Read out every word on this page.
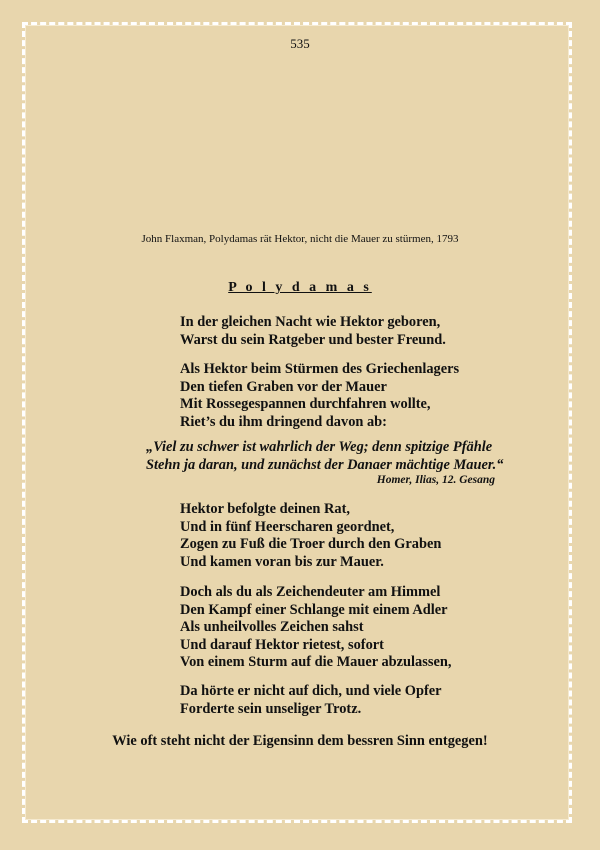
535
John Flaxman, Polydamas rät Hektor, nicht die Mauer zu stürmen, 1793
P o l y d a m a s
In der gleichen Nacht wie Hektor geboren,
Warst du sein Ratgeber und bester Freund.
Als Hektor beim Stürmen des Griechenlagers
Den tiefen Graben vor der Mauer
Mit Rossegespannen durchfahren wollte,
Riet’s du ihm dringend davon ab:
„Viel zu schwer ist wahrlich der Weg; denn spitzige Pfähle
Stehn ja daran, und zunächst der Danaer mächtige Mauer.“
Homer, Ilias, 12. Gesang
Hektor befolgte deinen Rat,
Und in fünf Heerscharen geordnet,
Zogen zu Fuß die Troer durch den Graben
Und kamen voran bis zur Mauer.
Doch als du als Zeichendeuter am Himmel
Den Kampf einer Schlange mit einem Adler
Als unheilvolles Zeichen sahst
Und darauf Hektor rietest, sofort
Von einem Sturm auf die Mauer abzulassen,
Da hörte er nicht auf dich, und viele Opfer
Forderte sein unseliger Trotz.
Wie oft steht nicht der Eigensinn dem bessren Sinn entgegen!
